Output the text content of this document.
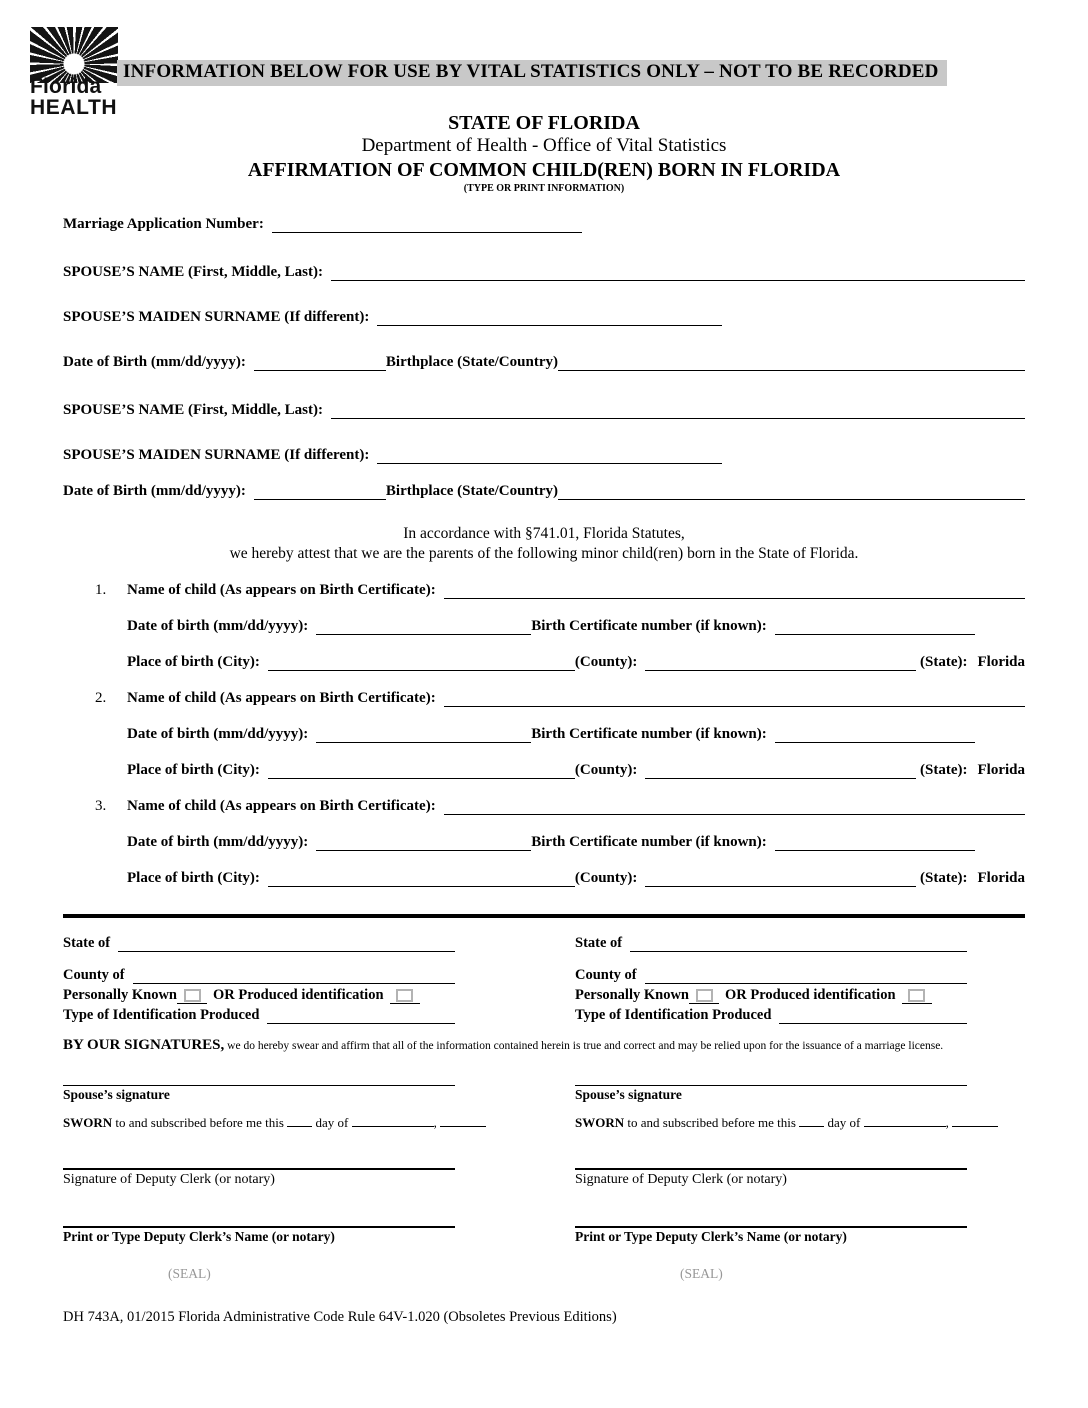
Florida
HEALTH
INFORMATION BELOW FOR USE BY VITAL STATISTICS ONLY – NOT TO BE RECORDED
STATE OF FLORIDA
Department of Health - Office of Vital Statistics
AFFIRMATION OF COMMON CHILD(REN) BORN IN FLORIDA
(TYPE OR PRINT INFORMATION)
Marriage Application Number:
SPOUSE’S NAME (First, Middle, Last):
SPOUSE’S MAIDEN SURNAME (If different):
Date of Birth (mm/dd/yyyy):	Birthplace (State/Country)
SPOUSE’S NAME (First, Middle, Last):
SPOUSE’S MAIDEN SURNAME (If different):
Date of Birth (mm/dd/yyyy):	Birthplace (State/Country)
In accordance with §741.01, Florida Statutes,
we hereby attest that we are the parents of the following minor child(ren) born in the State of Florida.
1.	Name of child (As appears on Birth Certificate):
Date of birth (mm/dd/yyyy):	Birth Certificate number (if known):
Place of birth (City):	(County):	(State): Florida
2.	Name of child (As appears on Birth Certificate):
Date of birth (mm/dd/yyyy):	Birth Certificate number (if known):
Place of birth (City):	(County):	(State): Florida
3.	Name of child (As appears on Birth Certificate):
Date of birth (mm/dd/yyyy):	Birth Certificate number (if known):
Place of birth (City):	(County):	(State): Florida
State of
County of
Personally Known OR Produced identification
Type of Identification Produced
State of
County of
Personally Known OR Produced identification
Type of Identification Produced
BY OUR SIGNATURES, we do hereby swear and affirm that all of the information contained herein is true and correct and may be relied upon for the issuance of a marriage license.
Spouse’s signature
SWORN to and subscribed before me this day of	,
Signature of Deputy Clerk (or notary)
Print or Type Deputy Clerk’s Name (or notary)
(SEAL)
Spouse’s signature
SWORN to and subscribed before me this day of	,
Signature of Deputy Clerk (or notary)
Print or Type Deputy Clerk’s Name (or notary)
(SEAL)
DH 743A, 01/2015 Florida Administrative Code Rule 64V-1.020 (Obsoletes Previous Editions)
